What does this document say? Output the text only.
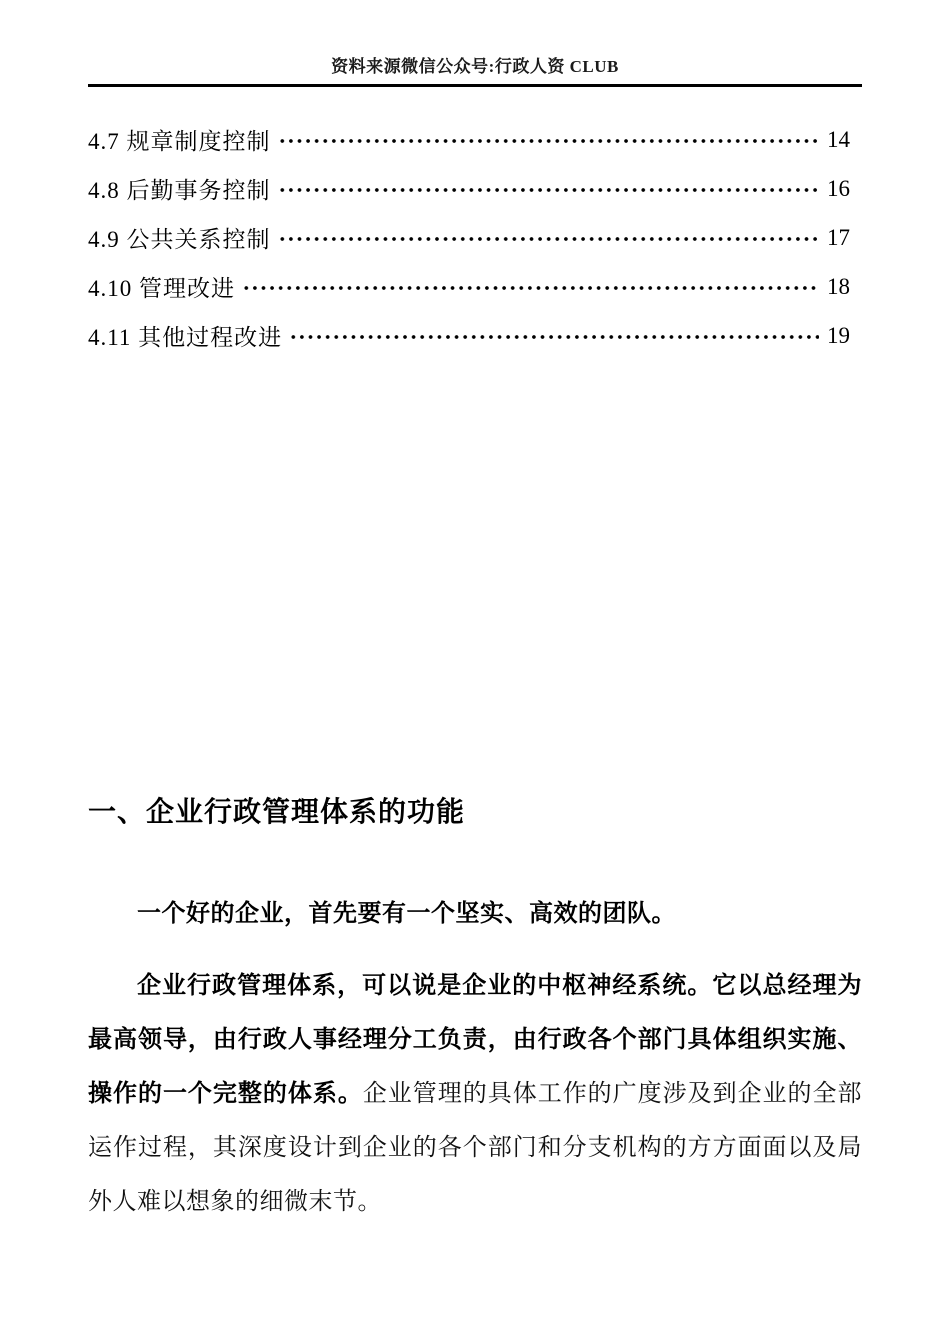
资料来源微信公众号:行政人资 CLUB
4.7 规章制度控制	14
4.8 后勤事务控制	16
4.9 公共关系控制	17
4.10 管理改进	18
4.11 其他过程改进	19
一、企业行政管理体系的功能

一个好的企业，首先要有一个坚实、高效的团队。

企业行政管理体系，可以说是企业的中枢神经系统。它以总经理为最高领导，由行政人事经理分工负责，由行政各个部门具体组织实施、操作的一个完整的体系。企业管理的具体工作的广度涉及到企业的全部运作过程，其深度设计到企业的各个部门和分支机构的方方面面以及局外人难以想象的细微末节。
